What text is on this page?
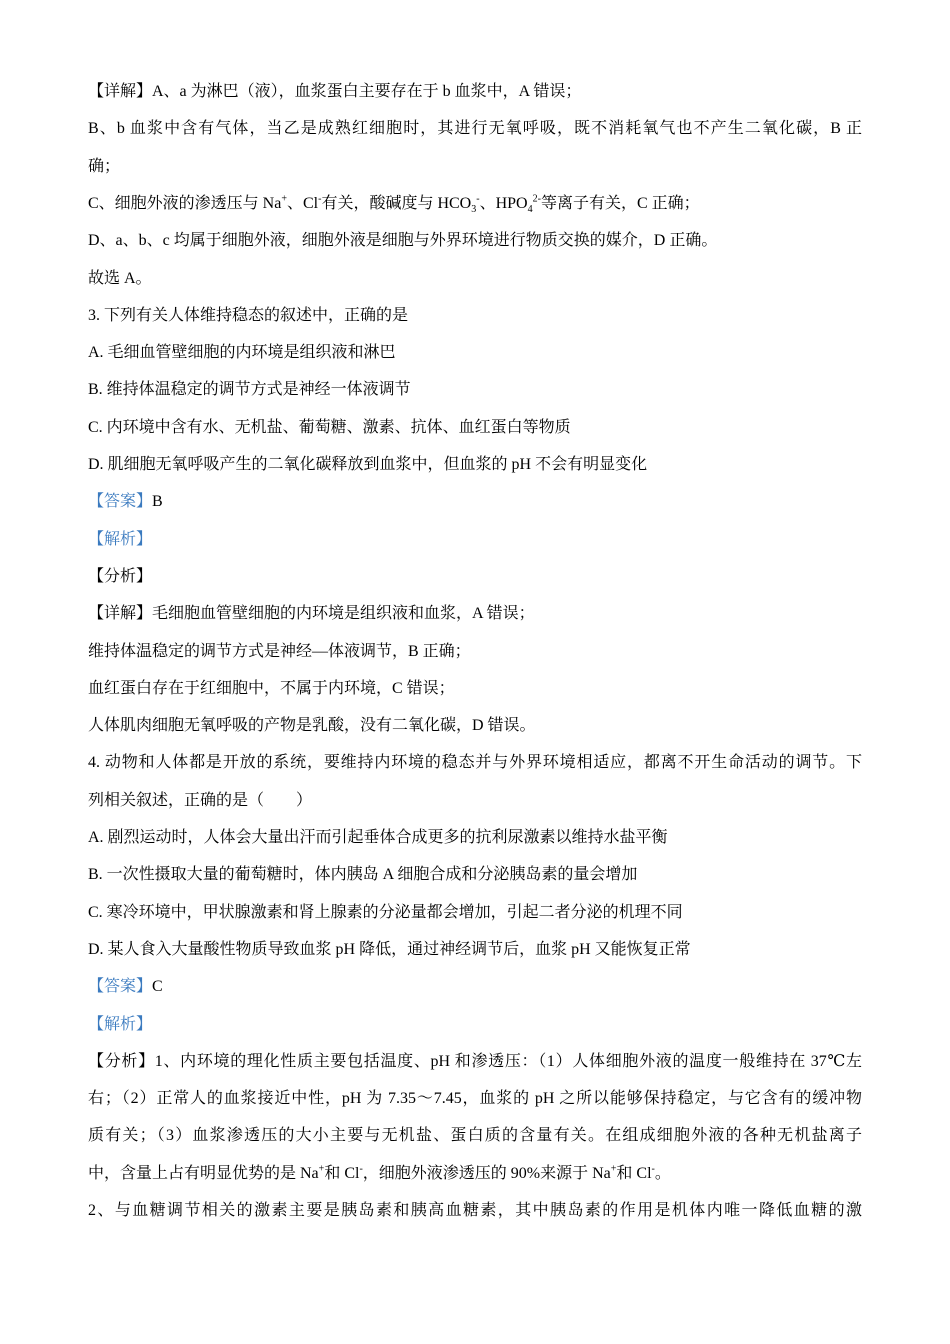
【详解】A、a 为淋巴（液），血浆蛋白主要存在于 b 血浆中，A 错误；
B、b 血浆中含有气体，当乙是成熟红细胞时，其进行无氧呼吸，既不消耗氧气也不产生二氧化碳，B 正
确；
C、细胞外液的渗透压与 Na+、Cl-有关，酸碱度与 $HCO_3^-$、$HPO_4^{2-}$等离子有关，C 正确；
D、a、b、c 均属于细胞外液，细胞外液是细胞与外界环境进行物质交换的媒介，D 正确。
故选 A。
3. 下列有关人体维持稳态的叙述中，正确的是
A. 毛细血管壁细胞的内环境是组织液和淋巴
B. 维持体温稳定的调节方式是神经一体液调节
C. 内环境中含有水、无机盐、葡萄糖、激素、抗体、血红蛋白等物质
D. 肌细胞无氧呼吸产生的二氧化碳释放到血浆中，但血浆的 pH 不会有明显变化
【答案】B
【解析】
【分析】
【详解】毛细胞血管壁细胞的内环境是组织液和血浆，A 错误；
维持体温稳定的调节方式是神经—体液调节，B 正确；
血红蛋白存在于红细胞中，不属于内环境，C 错误；
人体肌肉细胞无氧呼吸的产物是乳酸，没有二氧化碳，D 错误。
4. 动物和人体都是开放的系统，要维持内环境的稳态并与外界环境相适应，都离不开生命活动的调节。下
列相关叙述，正确的是（　　）
A. 剧烈运动时，人体会大量出汗而引起垂体合成更多的抗利尿激素以维持水盐平衡
B. 一次性摄取大量的葡萄糖时，体内胰岛 A 细胞合成和分泌胰岛素的量会增加
C. 寒冷环境中，甲状腺激素和肾上腺素的分泌量都会增加，引起二者分泌的机理不同
D. 某人食入大量酸性物质导致血浆 pH 降低，通过神经调节后，血浆 pH 又能恢复正常
【答案】C
【解析】
【分析】1、内环境的理化性质主要包括温度、pH 和渗透压：（1）人体细胞外液的温度一般维持在 37℃左
右；（2）正常人的血浆接近中性，pH 为 7.35～7.45，血浆的 pH 之所以能够保持稳定，与它含有的缓冲物
质有关；（3）血浆渗透压的大小主要与无机盐、蛋白质的含量有关。在组成细胞外液的各种无机盐离子
中，含量上占有明显优势的是 Na+和 Cl-，细胞外液渗透压的 90%来源于 Na+和 Cl-。
2、与血糖调节相关的激素主要是胰岛素和胰高血糖素，其中胰岛素的作用是机体内唯一降低血糖的激
